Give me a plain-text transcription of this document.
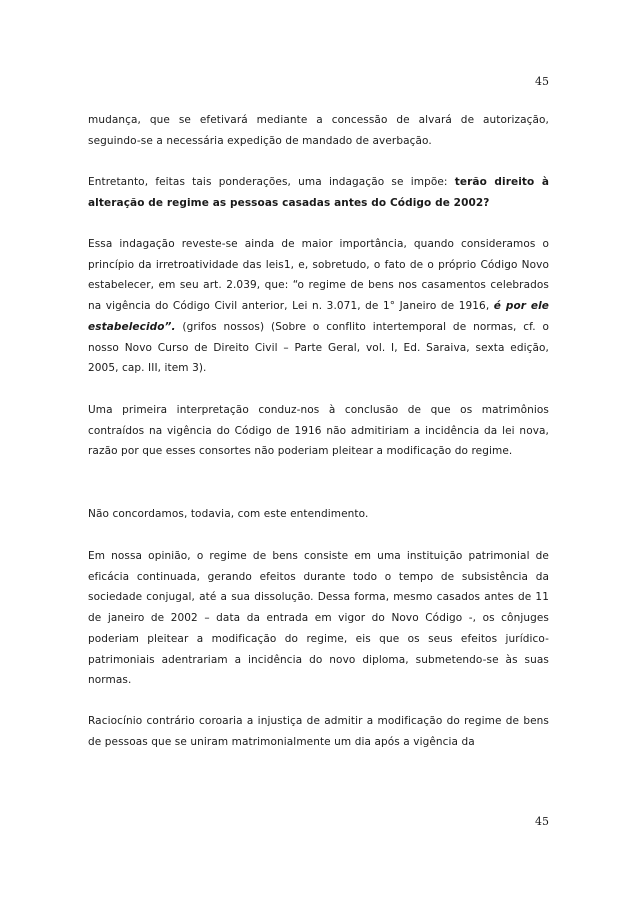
45

mudança, que se efetivará mediante a concessão de alvará de autorização, seguindo-se a necessária expedição de mandado de averbação.

Entretanto, feitas tais ponderações, uma indagação se impõe: terão direito à alteração de regime as pessoas casadas antes do Código de 2002?

Essa indagação reveste-se ainda de maior importância, quando consideramos o princípio da irretroatividade das leis1, e, sobretudo, o fato de o próprio Código Novo estabelecer, em seu art. 2.039, que: “o regime de bens nos casamentos celebrados na vigência do Código Civil anterior, Lei n. 3.071, de 1° Janeiro de 1916, é por ele estabelecido”. (grifos nossos) (Sobre o conflito intertemporal de normas, cf. o nosso Novo Curso de Direito Civil – Parte Geral, vol. I, Ed. Saraiva, sexta edição, 2005, cap. III, item 3).

Uma primeira interpretação conduz-nos à conclusão de que os matrimônios contraídos na vigência do Código de 1916 não admitiriam a incidência da lei nova, razão por que esses consortes não poderiam pleitear a modificação do regime.

Não concordamos, todavia, com este entendimento.

Em nossa opinião, o regime de bens consiste em uma instituição patrimonial de eficácia continuada, gerando efeitos durante todo o tempo de subsistência da sociedade conjugal, até a sua dissolução. Dessa forma, mesmo casados antes de 11 de janeiro de 2002 – data da entrada em vigor do Novo Código -, os cônjuges poderiam pleitear a modificação do regime, eis que os seus efeitos jurídico-patrimoniais adentrariam a incidência do novo diploma, submetendo-se às suas normas.

Raciocínio contrário coroaria a injustiça de admitir a modificação do regime de bens de pessoas que se uniram matrimonialmente um dia após a vigência da

45
